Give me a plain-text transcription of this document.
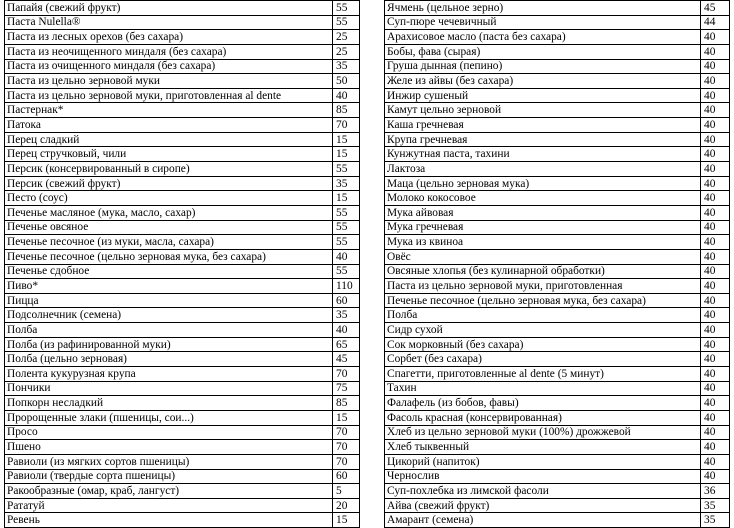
Папайя (свежий фрукт)	55
Паста Nulella®	55
Паста из лесных орехов (без сахара)	25
Паста из неочищенного миндаля (без сахара)	25
Паста из очищенного миндаля (без сахара)	35
Паста из цельно зерновой муки	50
Паста из цельно зерновой муки, приготовленная al dente	40
Пастернак*	85
Патока	70
Перец сладкий	15
Перец стручковый, чили	15
Персик (консервированный в сиропе)	55
Персик (свежий фрукт)	35
Песто (соус)	15
Печенье масляное (мука, масло, сахар)	55
Печенье овсяное	55
Печенье песочное (из муки, масла, сахара)	55
Печенье песочное (цельно зерновая мука, без сахара)	40
Печенье сдобное	55
Пиво*	110
Пицца	60
Подсолнечник (семена)	35
Полба	40
Полба (из рафинированной муки)	65
Полба (цельно зерновая)	45
Полента кукурузная крупа	70
Пончики	75
Попкорн несладкий	85
Пророщенные злаки (пшеницы, сои...)	15
Просо	70
Пшено	70
Равиоли (из мягких сортов пшеницы)	70
Равиоли (твердые сорта пшеницы)	60
Ракообразные (омар, краб, лангуст)	5
Рататуй	20
Ревень	15
Ячмень (цельное зерно)	45
Суп-пюре чечевичный	44
Арахисовое масло (паста без сахара)	40
Бобы, фава (сырая)	40
Груша дынная (пепино)	40
Желе из айвы (без сахара)	40
Инжир сушеный	40
Камут цельно зерновой	40
Каша гречневая	40
Крупа гречневая	40
Кунжутная паста, тахини	40
Лактоза	40
Маца (цельно зерновая мука)	40
Молоко кокосовое	40
Мука айвовая	40
Мука гречневая	40
Мука из квиноа	40
Овёс	40
Овсяные хлопья (без кулинарной обработки)	40
Паста из цельно зерновой муки, приготовленная	40
Печенье песочное (цельно зерновая мука, без сахара)	40
Полба	40
Сидр сухой	40
Сок морковный (без сахара)	40
Сорбет (без сахара)	40
Спагетти, приготовленные al dente (5 минут)	40
Тахин	40
Фалафель (из бобов, фавы)	40
Фасоль красная (консервированная)	40
Хлеб из цельно зерновой муки (100%) дрожжевой	40
Хлеб тыквенный	40
Цикорий (напиток)	40
Чернослив	40
Суп-похлебка из лимской фасоли	36
Айва (свежий фрукт)	35
Амарант (семена)	35
